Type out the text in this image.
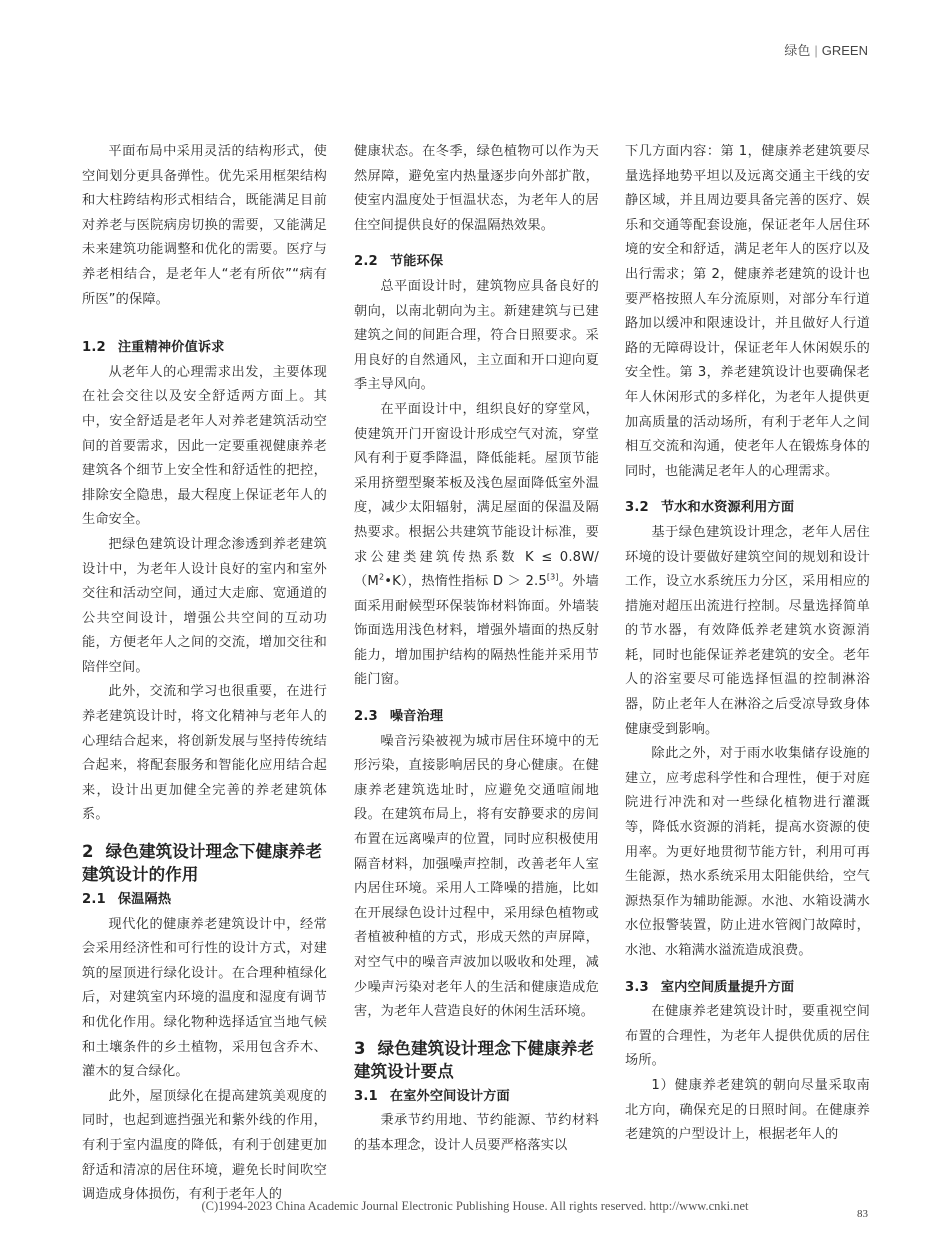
绿色 | GREEN

平面布局中采用灵活的结构形式，使空间划分更具备弹性。优先采用框架结构和大柱跨结构形式相结合，既能满足目前对养老与医院病房切换的需要，又能满足未来建筑功能调整和优化的需要。医疗与养老相结合，是老年人“老有所依”“病有所医”的保障。

1.2 注重精神价值诉求

从老年人的心理需求出发，主要体现在社会交往以及安全舒适两方面上。其中，安全舒适是老年人对养老建筑活动空间的首要需求，因此一定要重视健康养老建筑各个细节上安全性和舒适性的把控，排除安全隐患，最大程度上保证老年人的生命安全。

把绿色建筑设计理念渗透到养老建筑设计中，为老年人设计良好的室内和室外交往和活动空间，通过大走廊、宽通道的公共空间设计，增强公共空间的互动功能，方便老年人之间的交流，增加交往和陪伴空间。

此外，交流和学习也很重要，在进行养老建筑设计时，将文化精神与老年人的心理结合起来，将创新发展与坚持传统结合起来，将配套服务和智能化应用结合起来，设计出更加健全完善的养老建筑体系。

2 绿色建筑设计理念下健康养老建筑设计的作用
2.1 保温隔热

现代化的健康养老建筑设计中，经常会采用经济性和可行性的设计方式，对建筑的屋顶进行绿化设计。在合理种植绿化后，对建筑室内环境的温度和湿度有调节和优化作用。绿化物种选择适宜当地气候和土壤条件的乡土植物，采用包含乔木、灌木的复合绿化。

此外，屋顶绿化在提高建筑美观度的同时，也起到遮挡强光和紫外线的作用，有利于室内温度的降低，有利于创建更加舒适和清凉的居住环境，避免长时间吹空调造成身体损伤，有利于老年人的

健康状态。在冬季，绿色植物可以作为天然屏障，避免室内热量逐步向外部扩散，使室内温度处于恒温状态，为老年人的居住空间提供良好的保温隔热效果。

2.2 节能环保

总平面设计时，建筑物应具备良好的朝向，以南北朝向为主。新建建筑与已建建筑之间的间距合理，符合日照要求。采用良好的自然通风，主立面和开口迎向夏季主导风向。

在平面设计中，组织良好的穿堂风，使建筑开门开窗设计形成空气对流，穿堂风有利于夏季降温，降低能耗。屋顶节能采用挤塑型聚苯板及浅色屋面降低室外温度，减少太阳辐射，满足屋面的保温及隔热要求。根据公共建筑节能设计标准，要求公建类建筑传热系数 $K \le 0.8W/(M^2•K)$，热惰性指标 D ＞ 2.5[3]。外墙面采用耐候型环保装饰材料饰面。外墙装饰面选用浅色材料，增强外墙面的热反射能力，增加围护结构的隔热性能并采用节能门窗。

2.3 噪音治理

噪音污染被视为城市居住环境中的无形污染，直接影响居民的身心健康。在健康养老建筑选址时，应避免交通喧闹地段。在建筑布局上，将有安静要求的房间布置在远离噪声的位置，同时应积极使用隔音材料，加强噪声控制，改善老年人室内居住环境。采用人工降噪的措施，比如在开展绿色设计过程中，采用绿色植物或者植被种植的方式，形成天然的声屏障，对空气中的噪音声波加以吸收和处理，减少噪声污染对老年人的生活和健康造成危害，为老年人营造良好的休闲生活环境。

3 绿色建筑设计理念下健康养老建筑设计要点
3.1 在室外空间设计方面

秉承节约用地、节约能源、节约材料的基本理念，设计人员要严格落实以

下几方面内容：第 1，健康养老建筑要尽量选择地势平坦以及远离交通主干线的安静区域，并且周边要具备完善的医疗、娱乐和交通等配套设施，保证老年人居住环境的安全和舒适，满足老年人的医疗以及出行需求；第 2，健康养老建筑的设计也要严格按照人车分流原则，对部分车行道路加以缓冲和限速设计，并且做好人行道路的无障碍设计，保证老年人休闲娱乐的安全性。第 3，养老建筑设计也要确保老年人休闲形式的多样化，为老年人提供更加高质量的活动场所，有利于老年人之间相互交流和沟通，使老年人在锻炼身体的同时，也能满足老年人的心理需求。

3.2 节水和水资源利用方面

基于绿色建筑设计理念，老年人居住环境的设计要做好建筑空间的规划和设计工作，设立水系统压力分区，采用相应的措施对超压出流进行控制。尽量选择简单的节水器，有效降低养老建筑水资源消耗，同时也能保证养老建筑的安全。老年人的浴室要尽可能选择恒温的控制淋浴器，防止老年人在淋浴之后受凉导致身体健康受到影响。

除此之外，对于雨水收集储存设施的建立，应考虑科学性和合理性，便于对庭院进行冲洗和对一些绿化植物进行灌溉等，降低水资源的消耗，提高水资源的使用率。为更好地贯彻节能方针，利用可再生能源，热水系统采用太阳能供给，空气源热泵作为辅助能源。水池、水箱设满水水位报警装置，防止进水管阀门故障时，水池、水箱满水溢流造成浪费。

3.3 室内空间质量提升方面

在健康养老建筑设计时，要重视空间布置的合理性，为老年人提供优质的居住场所。

1）健康养老建筑的朝向尽量采取南北方向，确保充足的日照时间。在健康养老建筑的户型设计上，根据老年人的

(C)1994-2023 China Academic Journal Electronic Publishing House. All rights reserved. http://www.cnki.net
83
